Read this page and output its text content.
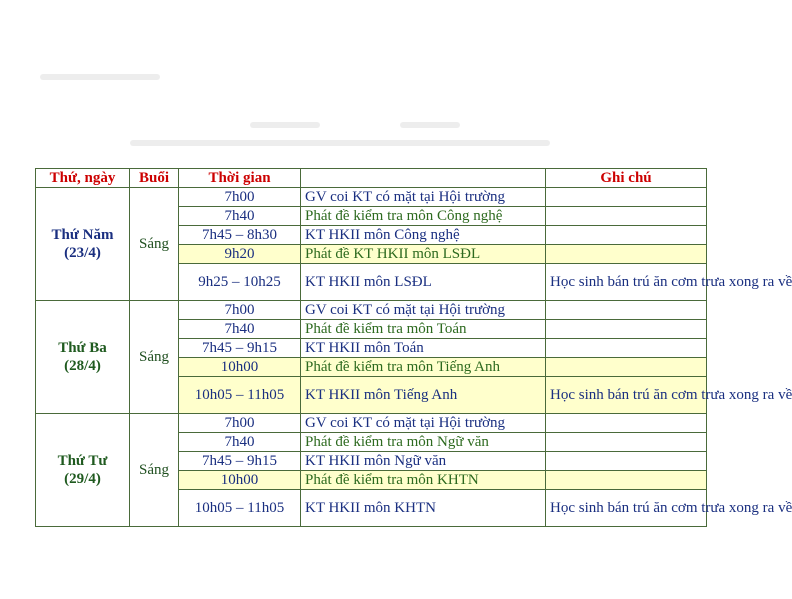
Thứ, ngày	Buổi	Thời gian		Ghi chú
Thứ Năm
(23/4)	Sáng	7h00	GV coi KT có mặt tại Hội trường	
		7h40	Phát đề kiểm tra môn Công nghệ	
		7h45 – 8h30	KT HKII môn Công nghệ	
		9h20	Phát đề KT HKII môn LSĐL	
		9h25 – 10h25	KT HKII môn LSĐL	Học sinh bán trú ăn cơm trưa xong ra về
Thứ Ba
(28/4)	Sáng	7h00	GV coi KT có mặt tại Hội trường	
		7h40	Phát đề kiểm tra môn Toán	
		7h45 – 9h15	KT HKII môn Toán	
		10h00	Phát đề kiểm tra môn Tiếng Anh	
		10h05 – 11h05	KT HKII môn Tiếng Anh	Học sinh bán trú ăn cơm trưa xong ra về
Thứ Tư
(29/4)	Sáng	7h00	GV coi KT có mặt tại Hội trường	
		7h40	Phát đề kiểm tra môn Ngữ văn	
		7h45 – 9h15	KT HKII môn Ngữ văn	
		10h00	Phát đề kiểm tra môn KHTN	
		10h05 – 11h05	KT HKII môn KHTN	Học sinh bán trú ăn cơm trưa xong ra về
